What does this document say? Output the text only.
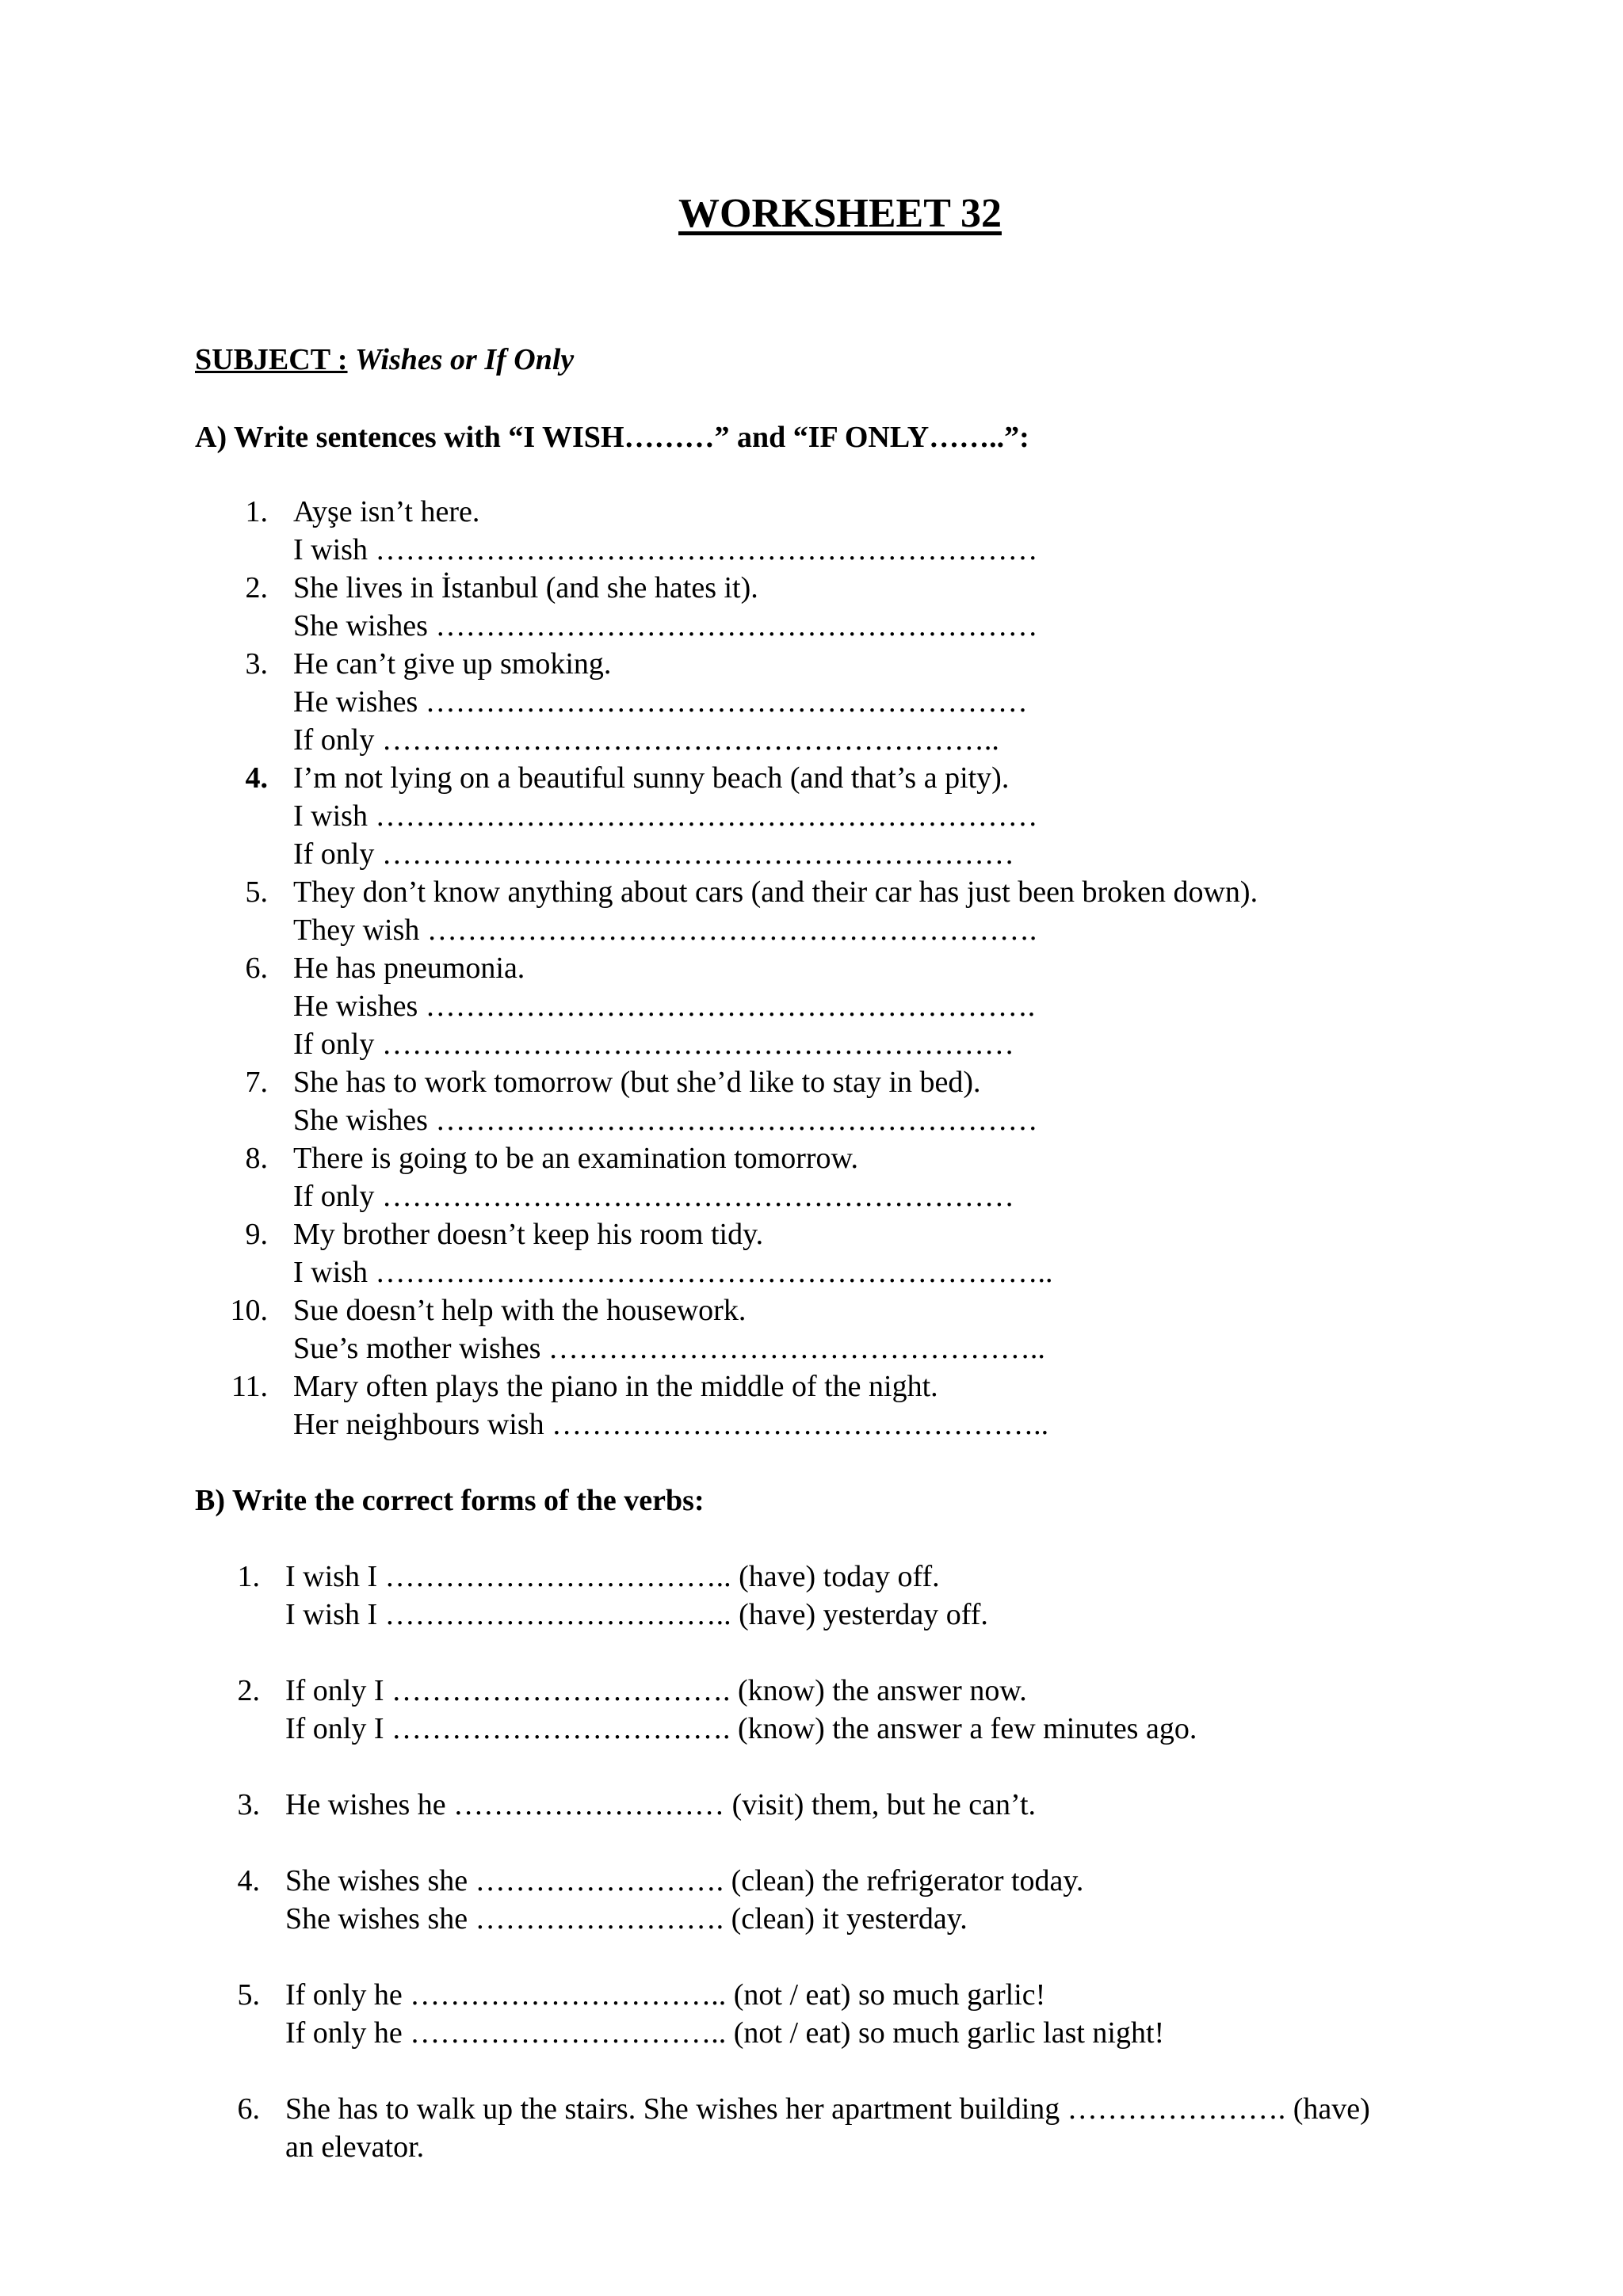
WORKSHEET 32
SUBJECT : Wishes or If Only
A) Write sentences with “I WISH………” and “IF ONLY……..”:
1. Ayşe isn’t here.
I wish …………………………………………………………
2. She lives in İstanbul (and she hates it).
She wishes ……………………………………………………
3. He can’t give up smoking.
He wishes ……………………………………………………
If only ……………………………………………………..
4. I’m not lying on a beautiful sunny beach (and that’s a pity).
I wish …………………………………………………………
If only ………………………………………………………
5. They don’t know anything about cars (and their car has just been broken down).
They wish …………………………………………………….
6. He has pneumonia.
He wishes …………………………………………………….
If only ………………………………………………………
7. She has to work tomorrow (but she’d like to stay in bed).
She wishes ……………………………………………………
8. There is going to be an examination tomorrow.
If only ………………………………………………………
9. My brother doesn’t keep his room tidy.
I wish …………………………………………………………..
10. Sue doesn’t help with the housework.
Sue’s mother wishes …………………………………………..
11. Mary often plays the piano in the middle of the night.
Her neighbours wish …………………………………………..
B) Write the correct forms of the verbs:
1. I wish I …………………………….. (have) today off.
I wish I …………………………….. (have) yesterday off.
2. If only I ……………………………. (know) the answer now.
If only I ……………………………. (know) the answer a few minutes ago.
3. He wishes he ……………………… (visit) them, but he can’t.
4. She wishes she ……………………. (clean) the refrigerator today.
She wishes she ……………………. (clean) it yesterday.
5. If only he ………………………….. (not / eat) so much garlic!
If only he ………………………….. (not / eat) so much garlic last night!
6. She has to walk up the stairs. She wishes her apartment building …………………. (have)
an elevator.
